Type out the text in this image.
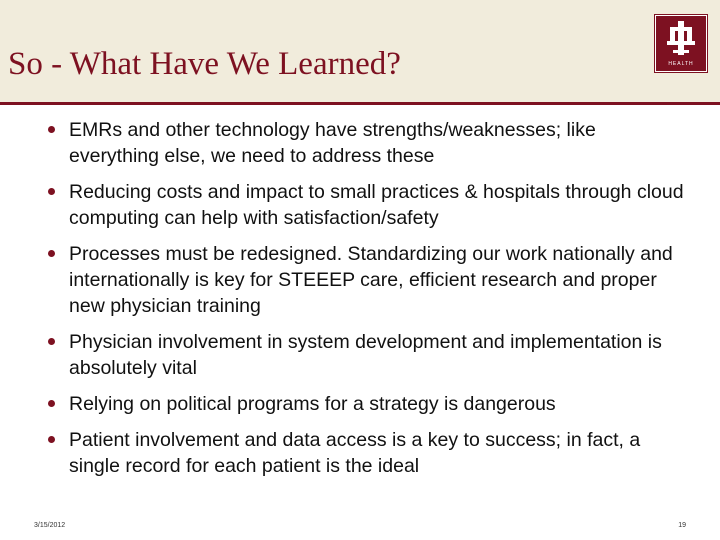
So - What Have We Learned?	HEALTH
EMRs and other technology have strengths/weaknesses; like everything else, we need to address these
Reducing costs and impact to small practices & hospitals through cloud computing can help with satisfaction/safety
Processes must be redesigned. Standardizing our work nationally and internationally is key for STEEEP care, efficient research and proper new physician training
Physician involvement in system development and implementation is absolutely vital
Relying on political programs for a strategy is dangerous
Patient involvement and data access is a key to success; in fact, a single record for each patient is the ideal
3/15/2012	19
